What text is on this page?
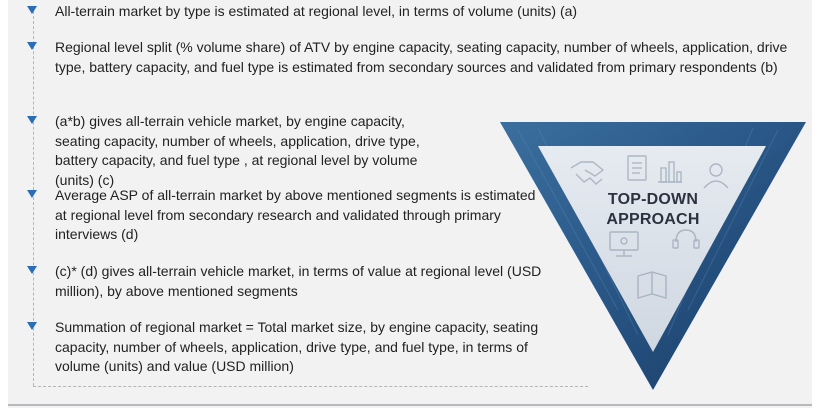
All-terrain market by type is estimated at regional level, in terms of volume (units) (a)

Regional level split (% volume share) of ATV by engine capacity, seating capacity, number of wheels, application, drive type, battery capacity, and fuel type is estimated from secondary sources and validated from primary respondents (b)

(a*b) gives all-terrain vehicle market, by engine capacity, seating capacity, number of wheels, application, drive type, battery capacity, and fuel type , at regional level by volume (units) (c)

Average ASP of all-terrain market by above mentioned segments is estimated at regional level from secondary research and validated through primary interviews (d)

(c)* (d) gives all-terrain vehicle market, in terms of value at regional level (USD million), by above mentioned segments

Summation of regional market = Total market size, by engine capacity, seating capacity, number of wheels, application, drive type, and fuel type, in terms of volume (units) and value (USD million)

TOP-DOWN
APPROACH
